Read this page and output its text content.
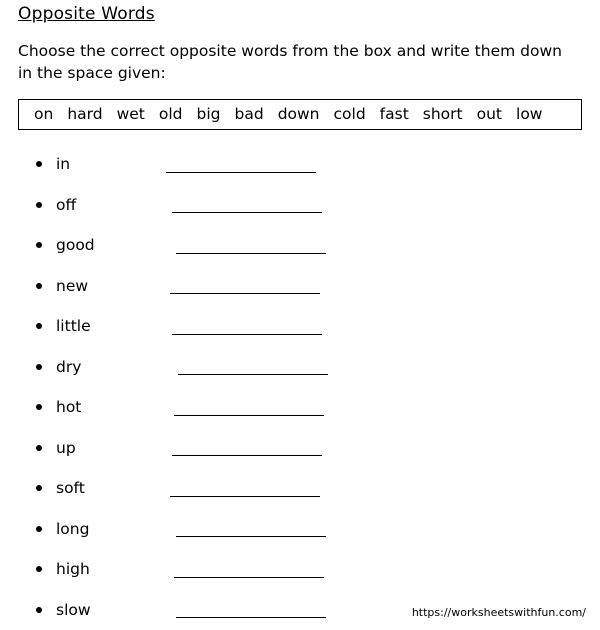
Opposite Words

Choose the correct opposite words from the box and write them down in the space given:

on hard wet old big bad down cold fast short out low
in
off
good
new
little
dry
hot
up
soft
long
high
slow	https://worksheetswithfun.com/
